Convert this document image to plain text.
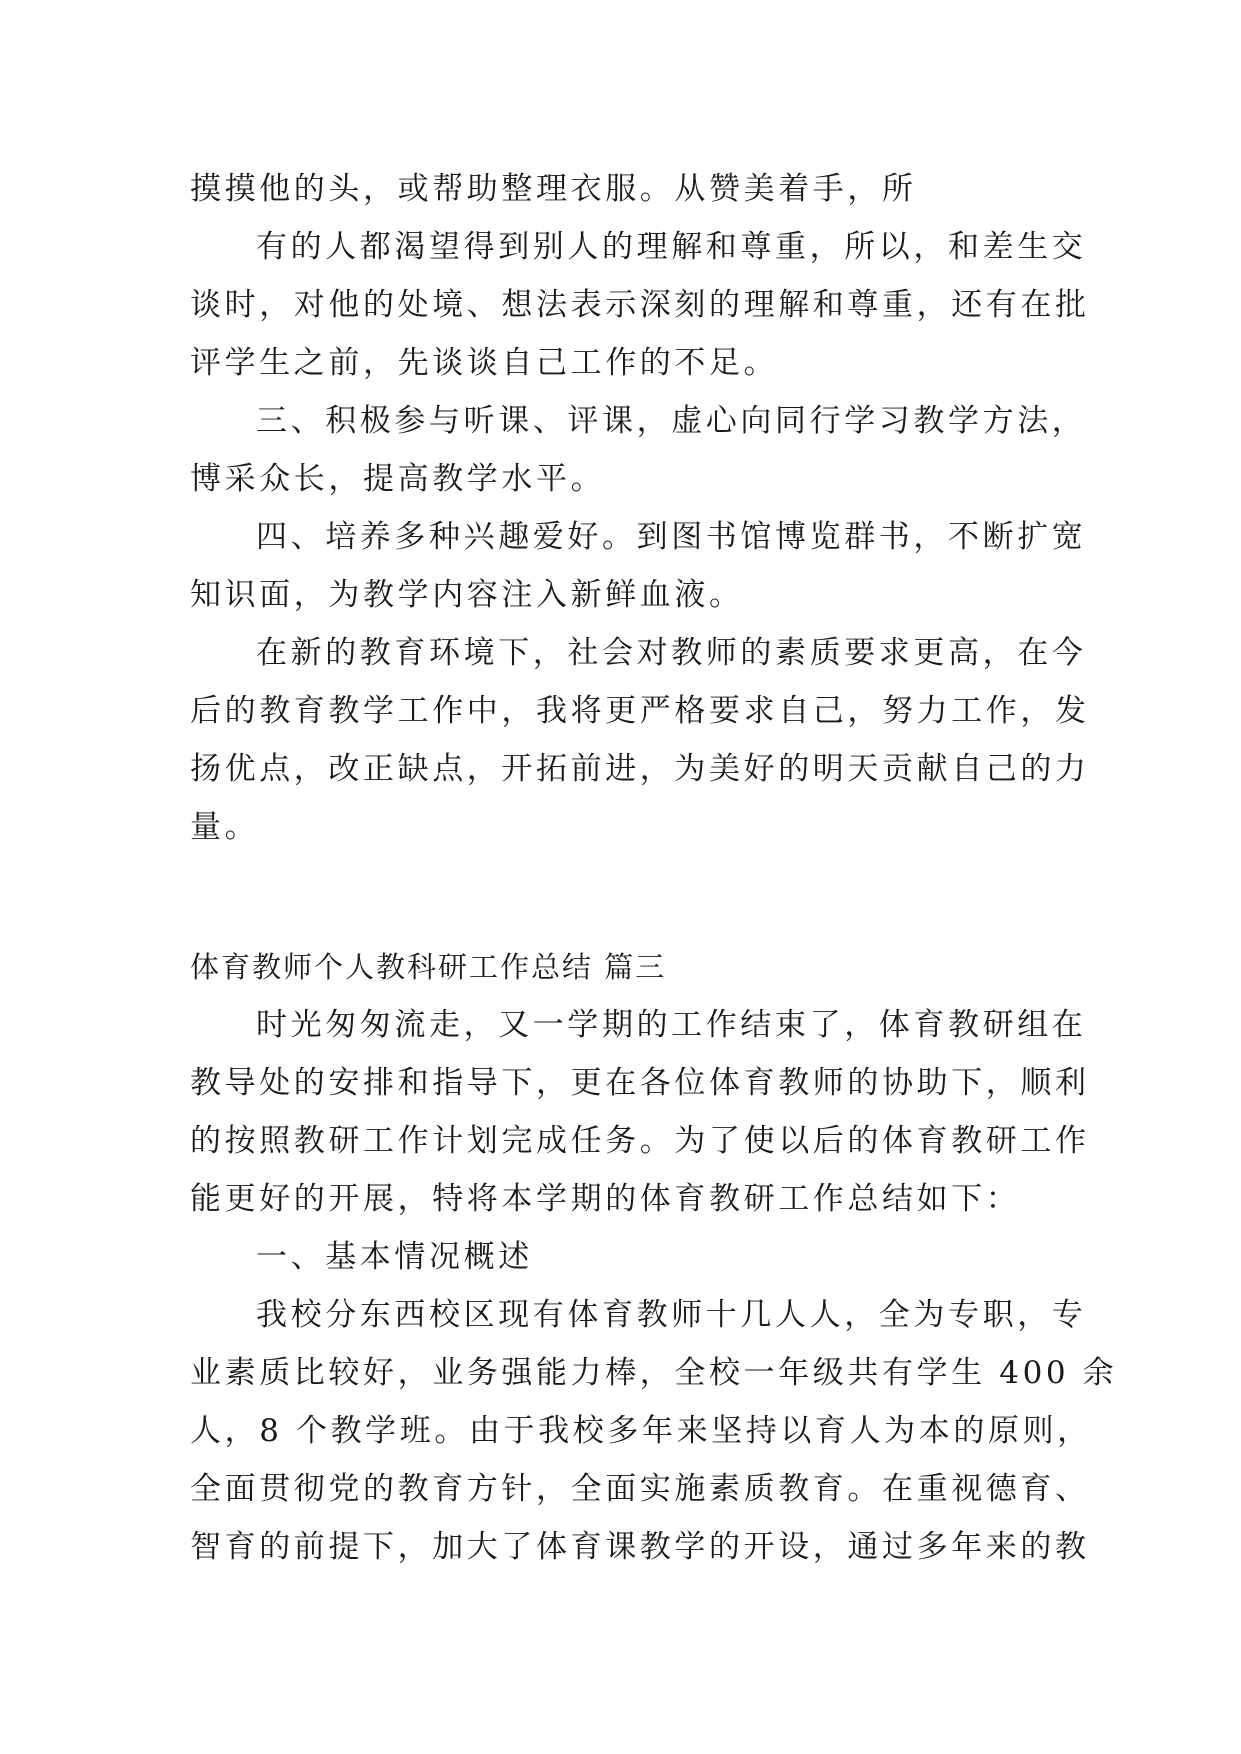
摸摸他的头，或帮助整理衣服。从赞美着手，所
有的人都渴望得到别人的理解和尊重，所以，和差生交
谈时，对他的处境、想法表示深刻的理解和尊重，还有在批
评学生之前，先谈谈自己工作的不足。
三、积极参与听课、评课，虚心向同行学习教学方法，
博采众长，提高教学水平。
四、培养多种兴趣爱好。到图书馆博览群书，不断扩宽
知识面，为教学内容注入新鲜血液。
在新的教育环境下，社会对教师的素质要求更高，在今
后的教育教学工作中，我将更严格要求自己，努力工作，发
扬优点，改正缺点，开拓前进，为美好的明天贡献自己的力
量。
体育教师个人教科研工作总结 篇三
时光匆匆流走，又一学期的工作结束了，体育教研组在
教导处的安排和指导下，更在各位体育教师的协助下，顺利
的按照教研工作计划完成任务。为了使以后的体育教研工作
能更好的开展，特将本学期的体育教研工作总结如下：
一、基本情况概述
我校分东西校区现有体育教师十几人人，全为专职，专
业素质比较好，业务强能力棒，全校一年级共有学生 400 余
人，8 个教学班。由于我校多年来坚持以育人为本的原则，
全面贯彻党的教育方针，全面实施素质教育。在重视德育、
智育的前提下，加大了体育课教学的开设，通过多年来的教
